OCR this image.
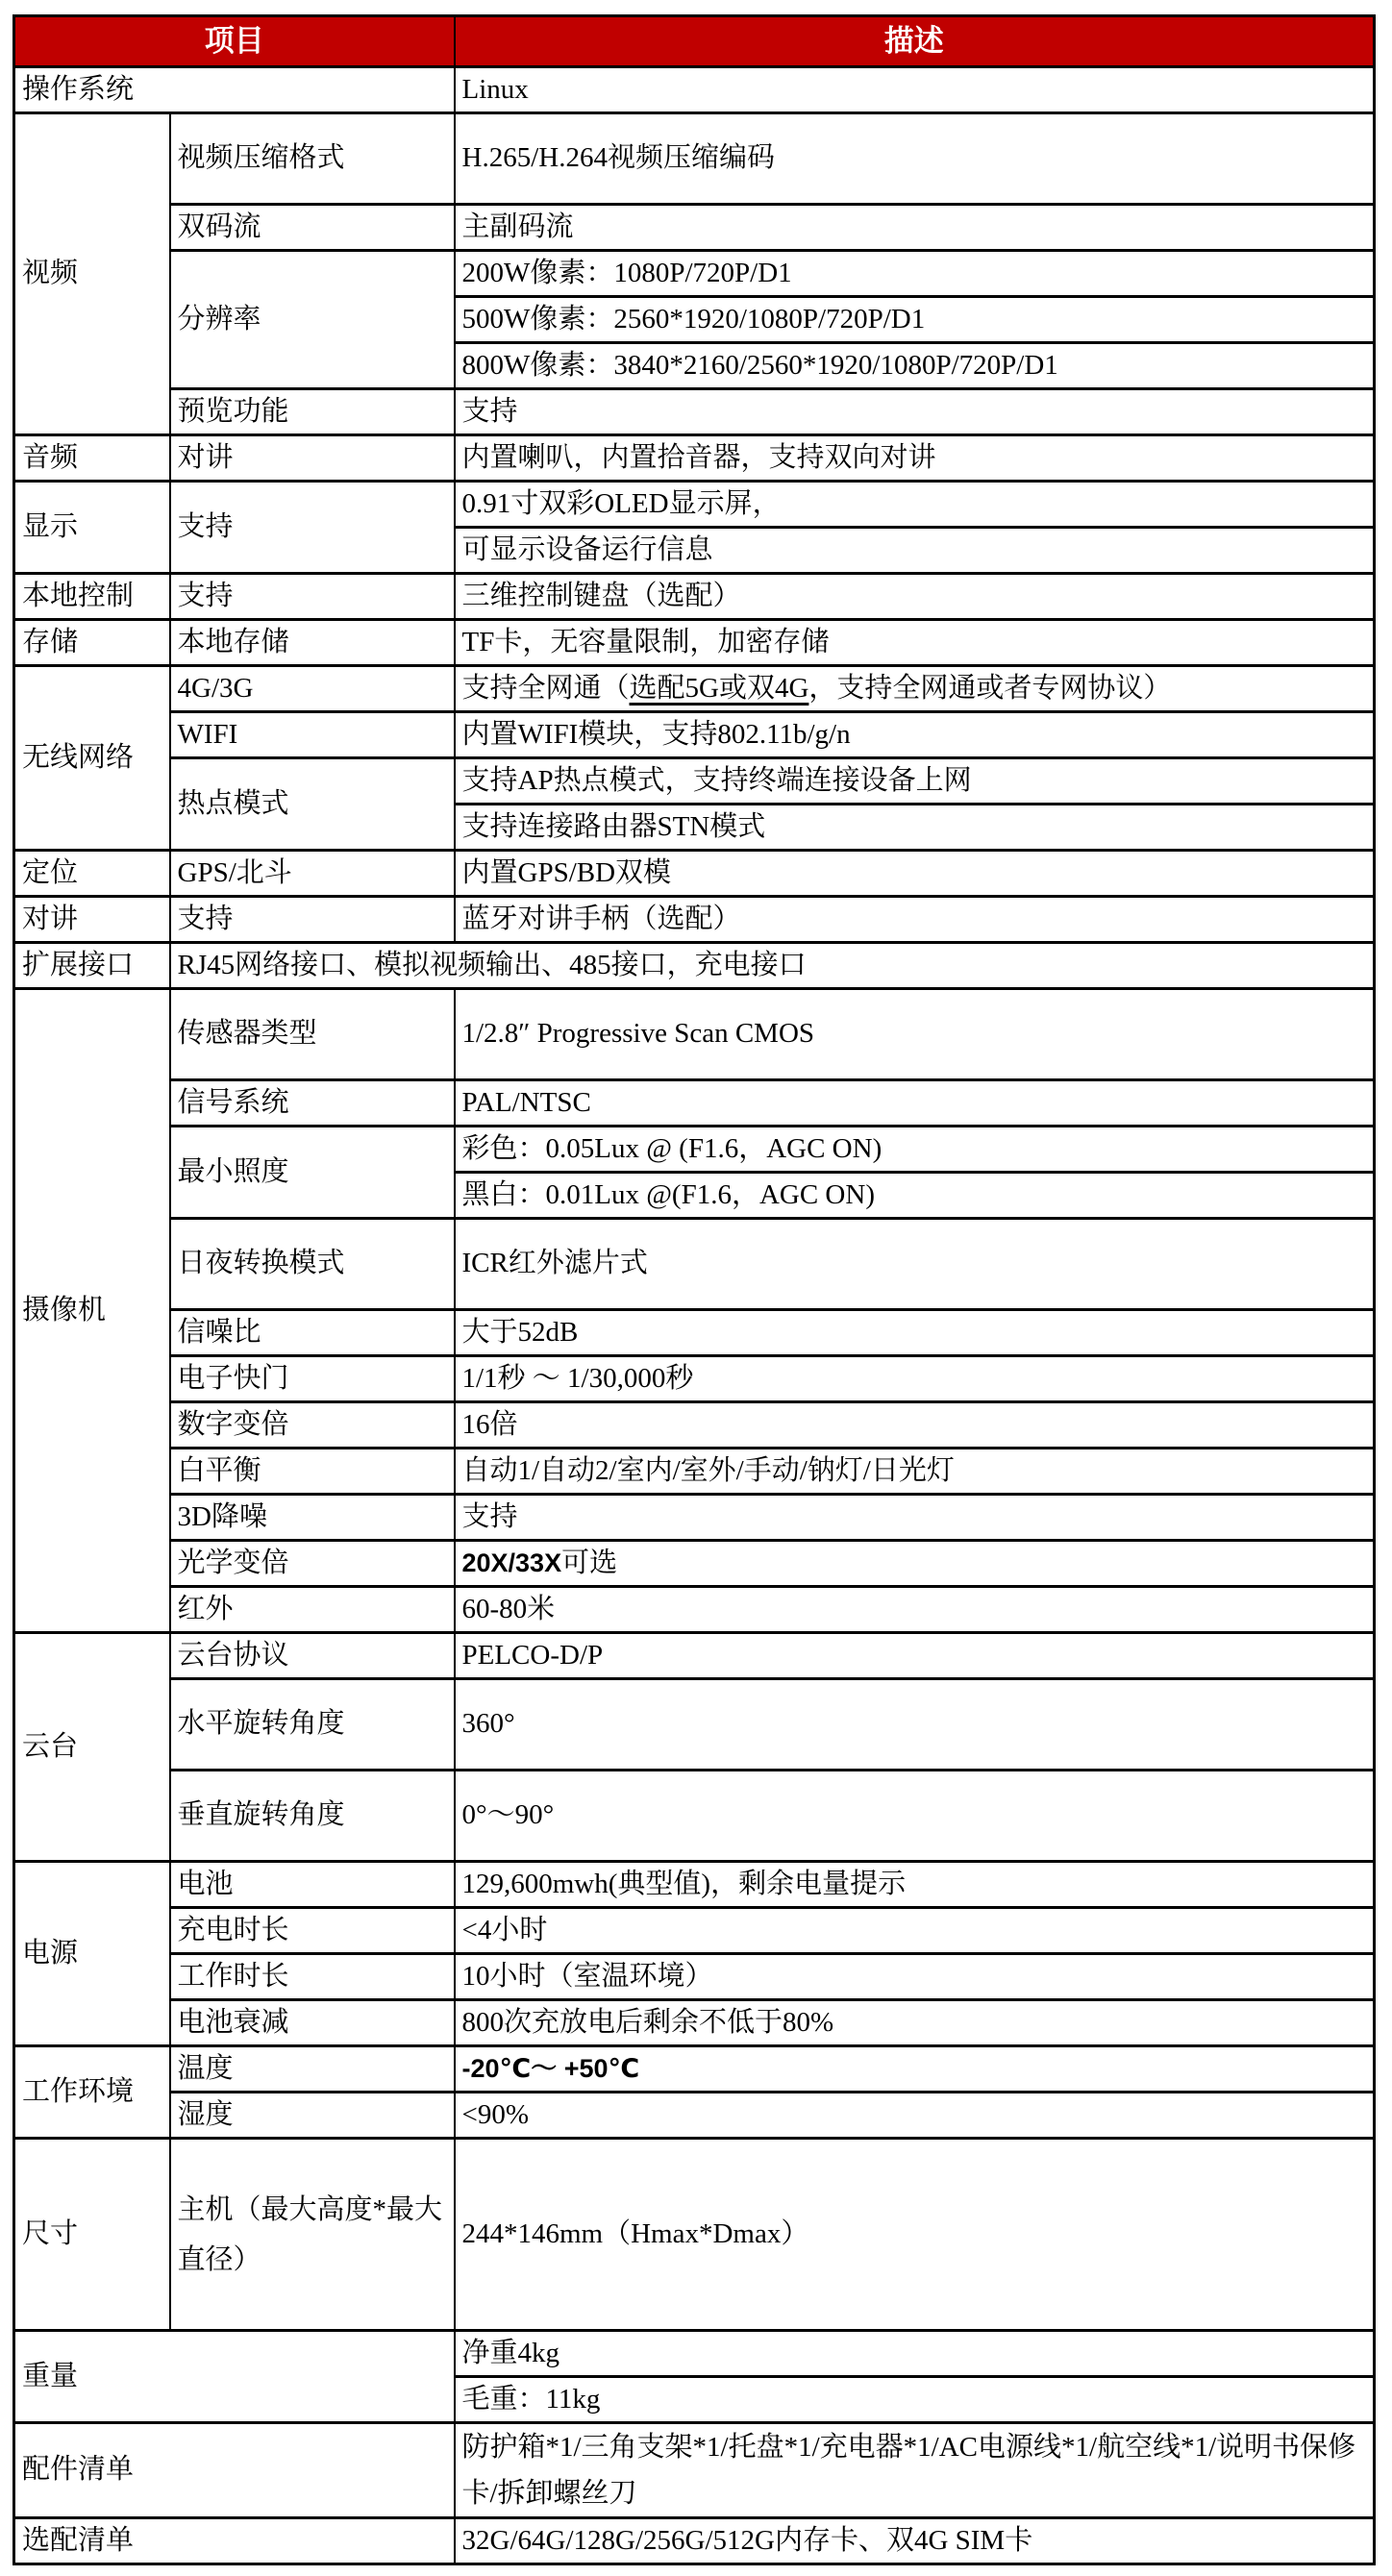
项目		描述
操作系统		Linux
视频	视频压缩格式	H.265/H.264视频压缩编码
	双码流	主副码流
	分辨率	200W像素：1080P/720P/D1
		500W像素：2560*1920/1080P/720P/D1
		800W像素：3840*2160/2560*1920/1080P/720P/D1
	预览功能	支持
音频	对讲	内置喇叭，内置拾音器，支持双向对讲
显示	支持	0.91寸双彩OLED显示屏，
		可显示设备运行信息
本地控制	支持	三维控制键盘（选配）
存储	本地存储	TF卡，无容量限制，加密存储
无线网络	4G/3G	支持全网通（选配5G或双4G，支持全网通或者专网协议）
	WIFI	内置WIFI模块，支持802.11b/g/n
	热点模式	支持AP热点模式，支持终端连接设备上网
		支持连接路由器STN模式
定位	GPS/北斗	内置GPS/BD双模
对讲	支持	蓝牙对讲手柄（选配）
扩展接口	RJ45网络接口、模拟视频输出、485接口，充电接口	
摄像机	传感器类型	1/2.8″ Progressive Scan CMOS
	信号系统	PAL/NTSC
	最小照度	彩色：0.05Lux @ (F1.6，AGC ON)
		黑白：0.01Lux @(F1.6，AGC ON)
	日夜转换模式	ICR红外滤片式
	信噪比	大于52dB
	电子快门	1/1秒 ～ 1/30,000秒
	数字变倍	16倍
	白平衡	自动1/自动2/室内/室外/手动/钠灯/日光灯
	3D降噪	支持
	光学变倍	20X/33X可选
	红外	60-80米
云台	云台协议	PELCO-D/P
	水平旋转角度	360°
	垂直旋转角度	0°～90°
电源	电池	129,600mwh(典型值)，剩余电量提示
	充电时长	<4小时
	工作时长	10小时（室温环境）
	电池衰减	800次充放电后剩余不低于80%
工作环境	温度	-20℃～ +50℃
	湿度	<90%
尺寸	主机（最大高度*最大直径）	244*146mm（Hmax*Dmax）
重量		净重4kg
		毛重：11kg
配件清单		防护箱*1/三角支架*1/托盘*1/充电器*1/AC电源线*1/航空线*1/说明书保修卡/拆卸螺丝刀
选配清单		32G/64G/128G/256G/512G内存卡、双4G SIM卡
